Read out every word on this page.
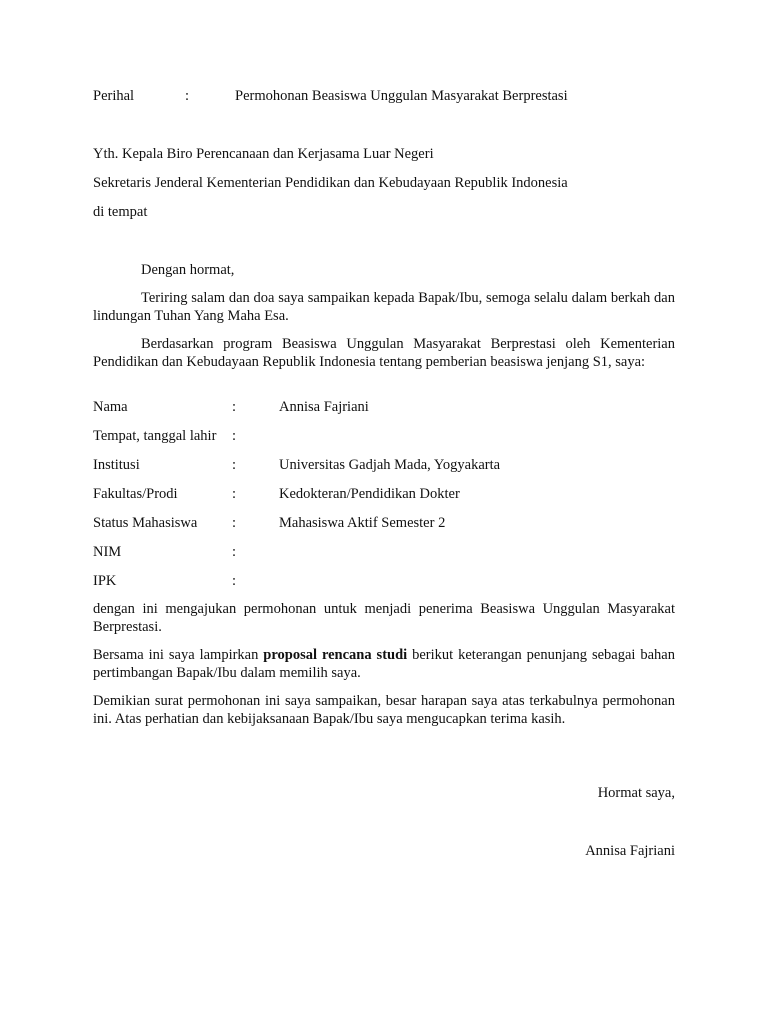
Perihal	:	Permohonan Beasiswa Unggulan Masyarakat Berprestasi
Yth. Kepala Biro Perencanaan dan Kerjasama Luar Negeri
Sekretaris Jenderal Kementerian Pendidikan dan Kebudayaan Republik Indonesia
di tempat
Dengan hormat,

Teriring salam dan doa saya sampaikan kepada Bapak/Ibu, semoga selalu dalam berkah dan lindungan Tuhan Yang Maha Esa.

Berdasarkan program Beasiswa Unggulan Masyarakat Berprestasi oleh Kementerian Pendidikan dan Kebudayaan Republik Indonesia tentang pemberian beasiswa jenjang S1, saya:

Nama	:	Annisa Fajriani
Tempat, tanggal lahir :
Institusi	:	Universitas Gadjah Mada, Yogyakarta
Fakultas/Prodi	:	Kedokteran/Pendidikan Dokter
Status Mahasiswa :	Mahasiswa Aktif Semester 2
NIM	:
IPK	:

dengan ini mengajukan permohonan untuk menjadi penerima Beasiswa Unggulan Masyarakat Berprestasi.

Bersama ini saya lampirkan proposal rencana studi berikut keterangan penunjang sebagai bahan pertimbangan Bapak/Ibu dalam memilih saya.

Demikian surat permohonan ini saya sampaikan, besar harapan saya atas terkabulnya permohonan ini. Atas perhatian dan kebijaksanaan Bapak/Ibu saya mengucapkan terima kasih.

Hormat saya,
Annisa Fajriani
